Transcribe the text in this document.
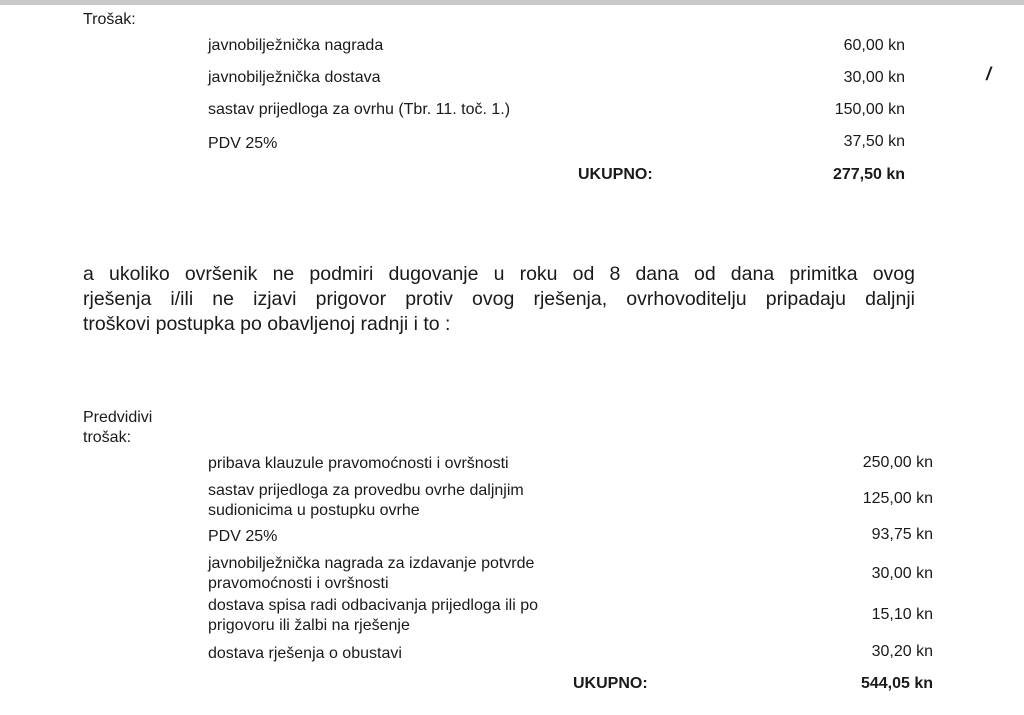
Trošak:
javnobilježnička nagrada	60,00 kn
javnobilježnička dostava	30,00 kn
sastav prijedloga za ovrhu (Tbr. 11. toč. 1.)	150,00 kn
PDV 25%	37,50 kn
UKUPNO:	277,50 kn
/
a ukoliko ovršenik ne podmiri dugovanje u roku od 8 dana od dana primitka ovog
rješenja i/ili ne izjavi prigovor protiv ovog rješenja, ovrhovoditelju pripadaju daljnji
troškovi postupka po obavljenoj radnji i to :
Predvidivi
trošak:
pribava klauzule pravomoćnosti i ovršnosti	250,00 kn
sastav prijedloga za provedbu ovrhe daljnjim
sudionicima u postupku ovrhe
125,00 kn
PDV 25%	93,75 kn
javnobilježnička nagrada za izdavanje potvrde
pravomoćnosti i ovršnosti
30,00 kn
dostava spisa radi odbacivanja prijedloga ili po
prigovoru ili žalbi na rješenje
15,10 kn
dostava rješenja o obustavi	30,20 kn
UKUPNO:	544,05 kn
